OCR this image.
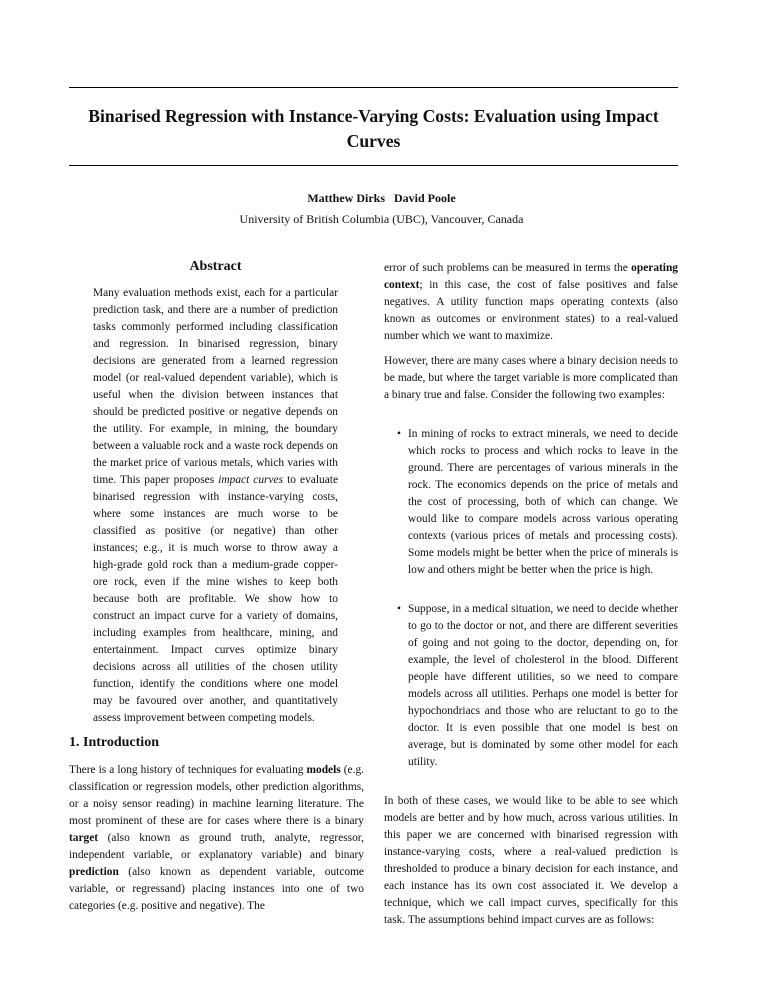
Binarised Regression with Instance-Varying Costs: Evaluation using Impact Curves
Matthew Dirks David Poole
University of British Columbia (UBC), Vancouver, Canada
Abstract
Many evaluation methods exist, each for a particular prediction task, and there are a number of prediction tasks commonly performed including classification and regression. In binarised regression, binary decisions are generated from a learned regression model (or real-valued dependent variable), which is useful when the division between instances that should be predicted positive or negative depends on the utility. For example, in mining, the boundary between a valuable rock and a waste rock depends on the market price of various metals, which varies with time. This paper proposes impact curves to evaluate binarised regression with instance-varying costs, where some instances are much worse to be classified as positive (or negative) than other instances; e.g., it is much worse to throw away a high-grade gold rock than a medium-grade copper-ore rock, even if the mine wishes to keep both because both are profitable. We show how to construct an impact curve for a variety of domains, including examples from healthcare, mining, and entertainment. Impact curves optimize binary decisions across all utilities of the chosen utility function, identify the conditions where one model may be favoured over another, and quantitatively assess improvement between competing models.
1. Introduction
There is a long history of techniques for evaluating models (e.g. classification or regression models, other prediction algorithms, or a noisy sensor reading) in machine learning literature. The most prominent of these are for cases where there is a binary target (also known as ground truth, analyte, regressor, independent variable, or explanatory variable) and binary prediction (also known as dependent variable, outcome variable, or regressand) placing instances into one of two categories (e.g. positive and negative). The

error of such problems can be measured in terms the operating context; in this case, the cost of false positives and false negatives. A utility function maps operating contexts (also known as outcomes or environment states) to a real-valued number which we want to maximize.

However, there are many cases where a binary decision needs to be made, but where the target variable is more complicated than a binary true and false. Consider the following two examples:

• In mining of rocks to extract minerals, we need to decide which rocks to process and which rocks to leave in the ground. There are percentages of various minerals in the rock. The economics depends on the price of metals and the cost of processing, both of which can change. We would like to compare models across various operating contexts (various prices of metals and processing costs). Some models might be better when the price of minerals is low and others might be better when the price is high.
• Suppose, in a medical situation, we need to decide whether to go to the doctor or not, and there are different severities of going and not going to the doctor, depending on, for example, the level of cholesterol in the blood. Different people have different utilities, so we need to compare models across all utilities. Perhaps one model is better for hypochondriacs and those who are reluctant to go to the doctor. It is even possible that one model is best on average, but is dominated by some other model for each utility.

In both of these cases, we would like to be able to see which models are better and by how much, across various utilities. In this paper we are concerned with binarised regression with instance-varying costs, where a real-valued prediction is thresholded to produce a binary decision for each instance, and each instance has its own cost associated it. We develop a technique, which we call impact curves, specifically for this task. The assumptions behind impact curves are as follows:
